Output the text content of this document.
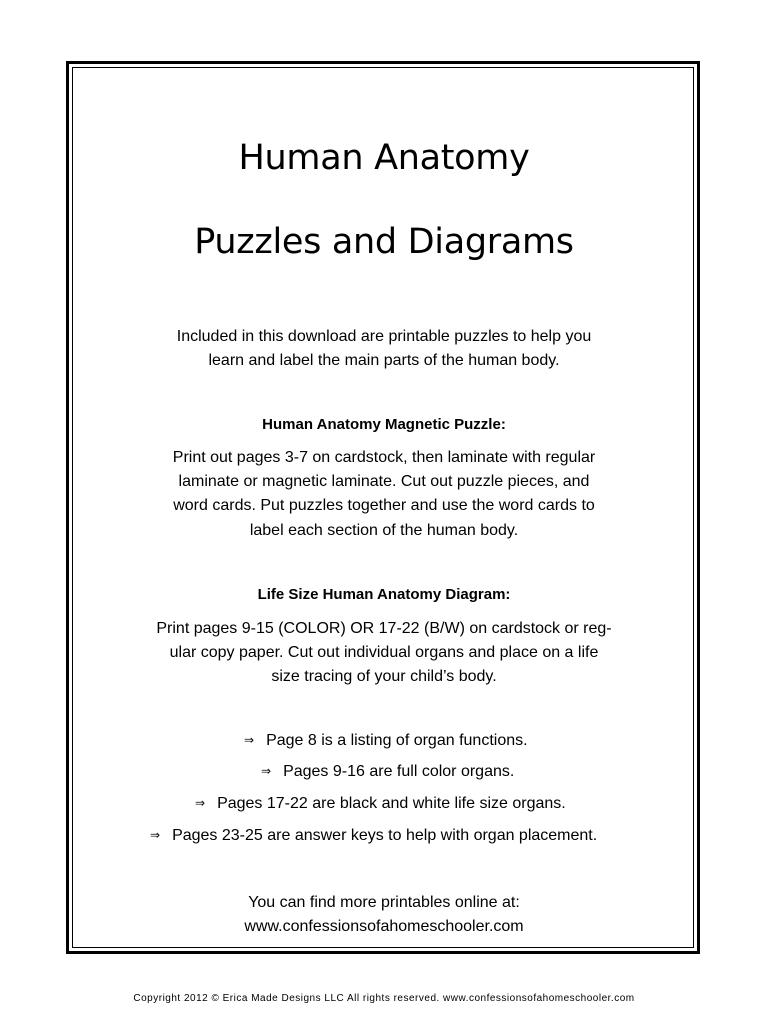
Human Anatomy
Puzzles and Diagrams

Included in this download are printable puzzles to help you

learn and label the main parts of the human body.

Human Anatomy Magnetic Puzzle:

Print out pages 3-7 on cardstock, then laminate with regular

laminate or magnetic laminate. Cut out puzzle pieces, and

word cards. Put puzzles together and use the word cards to

label each section of the human body.

Life Size Human Anatomy Diagram:

Print pages 9-15 (COLOR) OR 17-22 (B/W) on cardstock or reg-

ular copy paper. Cut out individual organs and place on a life

size tracing of your child’s body.

⇒ Page 8 is a listing of organ functions.

⇒ Pages 9-16 are full color organs.

⇒ Pages 17-22 are black and white life size organs.

⇒ Pages 23-25 are answer keys to help with organ placement.

You can find more printables online at:

www.confessionsofahomeschooler.com

Copyright 2012 © Erica Made Designs LLC All rights reserved. www.confessionsofahomeschooler.com
